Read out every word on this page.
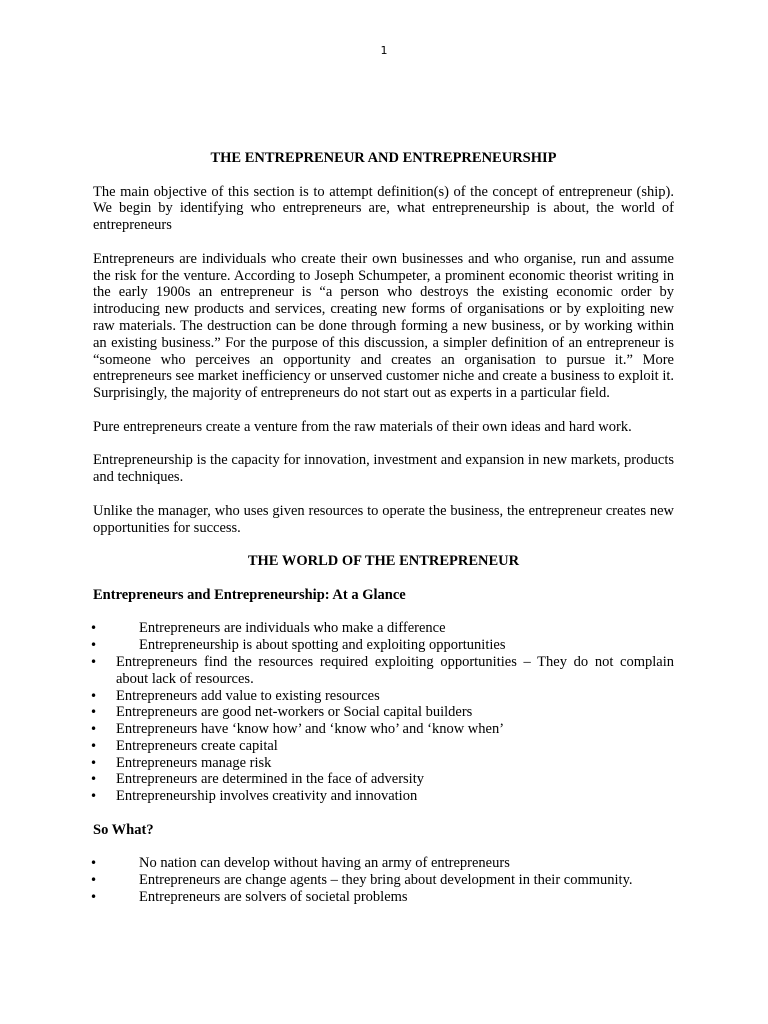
1

THE ENTREPRENEUR AND ENTREPRENEURSHIP

The main objective of this section is to attempt definition(s) of the concept of entrepreneur (ship). We begin by identifying who entrepreneurs are, what entrepreneurship is about, the world of entrepreneurs

Entrepreneurs are individuals who create their own businesses and who organise, run and assume the risk for the venture. According to Joseph Schumpeter, a prominent economic theorist writing in the early 1900s an entrepreneur is “a person who destroys the existing economic order by introducing new products and services, creating new forms of organisations or by exploiting new raw materials. The destruction can be done through forming a new business, or by working within an existing business.” For the purpose of this discussion, a simpler definition of an entrepreneur is “someone who perceives an opportunity and creates an organisation to pursue it.” More entrepreneurs see market inefficiency or unserved customer niche and create a business to exploit it. Surprisingly, the majority of entrepreneurs do not start out as experts in a particular field.

Pure entrepreneurs create a venture from the raw materials of their own ideas and hard work.

Entrepreneurship is the capacity for innovation, investment and expansion in new markets, products and techniques.

Unlike the manager, who uses given resources to operate the business, the entrepreneur creates new opportunities for success.

THE WORLD OF THE ENTREPRENEUR

Entrepreneurs and Entrepreneurship: At a Glance

•	Entrepreneurs are individuals who make a difference
•	Entrepreneurship is about spotting and exploiting opportunities
•	Entrepreneurs find the resources required exploiting opportunities – They do not complain about lack of resources.
•	Entrepreneurs add value to existing resources
•	Entrepreneurs are good net-workers or Social capital builders
•	Entrepreneurs have ‘know how’ and ‘know who’ and ‘know when’
•	Entrepreneurs create capital
•	Entrepreneurs manage risk
•	Entrepreneurs are determined in the face of adversity
•	Entrepreneurship involves creativity and innovation

So What?

•	No nation can develop without having an army of entrepreneurs
•	Entrepreneurs are change agents – they bring about development in their community.
•	Entrepreneurs are solvers of societal problems
